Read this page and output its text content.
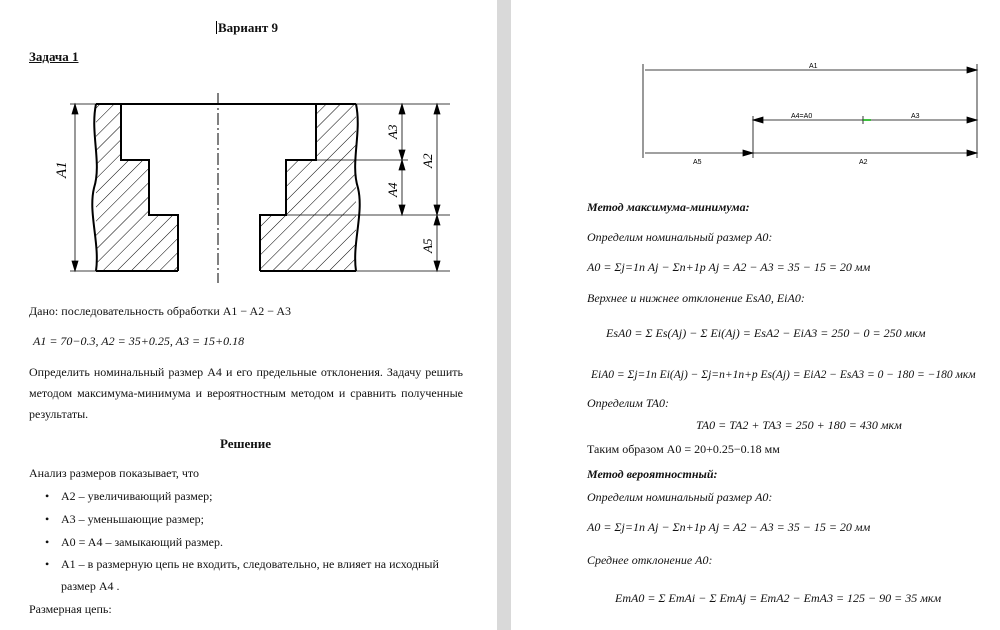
Вариант 9
Задача 1
A1
A3
A4
A2
A5
Дано: последовательность обработки A1 − A2 − A3
A1 = 70−0.3, A2 = 35+0.25, A3 = 15+0.18
Определить номинальный размер A4 и его предельные отклонения. Задачу решить методом максимума-минимума и вероятностным методом и сравнить полученные результаты.
Решение
Анализ размеров показывает, что
• A2 – увеличивающий размер;
• A3 – уменьшающие размер;
• A0 = A4 – замыкающий размер.
• A1 – в размерную цепь не входить, следовательно, не влияет на исходный
размер A4 .
Размерная цепь:
A1
A4=A0	A3
A5	A2
Метод максимума-минимума:
Определим номинальный размер A0:
A0 = Σj=1n Aj − Σn+1p Aj = A2 − A3 = 35 − 15 = 20 мм
Верхнее и нижнее отклонение EsA0, EiA0:
EsA0 = Σ Es(Aj) − Σ Ei(Aj) = EsA2 − EiA3 = 250 − 0 = 250 мкм
EiA0 = Σj=1n Ei(Aj) − Σj=n+1n+p Es(Aj) = EiA2 − EsA3 = 0 − 180 = −180 мкм
Определим TA0:
TA0 = TA2 + TA3 = 250 + 180 = 430 мкм
Таким образом A0 = 20+0.25−0.18 мм
Метод вероятностный:
Определим номинальный размер A0:
A0 = Σj=1n Aj − Σn+1p Aj = A2 − A3 = 35 − 15 = 20 мм
Среднее отклонение A0:
EmA0 = Σ EmAi − Σ EmAj = EmA2 − EmA3 = 125 − 90 = 35 мкм
